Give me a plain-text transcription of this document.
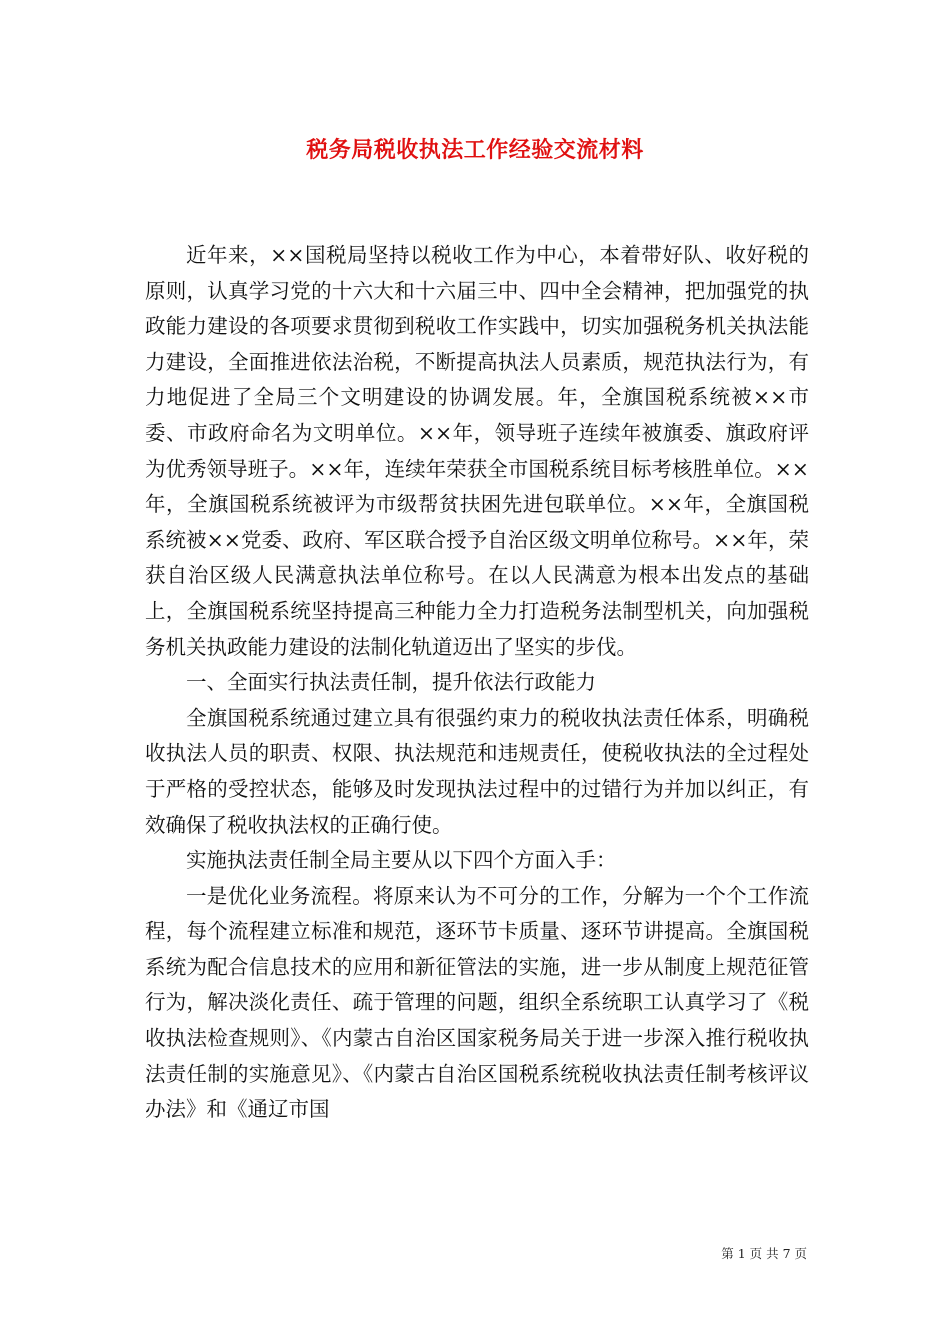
税务局税收执法工作经验交流材料

近年来，××国税局坚持以税收工作为中心，本着带好队、收好税的原则，认真学习党的十六大和十六届三中、四中全会精神，把加强党的执政能力建设的各项要求贯彻到税收工作实践中，切实加强税务机关执法能力建设，全面推进依法治税，不断提高执法人员素质，规范执法行为，有力地促进了全局三个文明建设的协调发展。年，全旗国税系统被××市委、市政府命名为文明单位。××年，领导班子连续年被旗委、旗政府评为优秀领导班子。××年，连续年荣获全市国税系统目标考核胜单位。××年，全旗国税系统被评为市级帮贫扶困先进包联单位。××年，全旗国税系统被××党委、政府、军区联合授予自治区级文明单位称号。××年，荣获自治区级人民满意执法单位称号。在以人民满意为根本出发点的基础上，全旗国税系统坚持提高三种能力全力打造税务法制型机关，向加强税务机关执政能力建设的法制化轨道迈出了坚实的步伐。

一、全面实行执法责任制，提升依法行政能力

全旗国税系统通过建立具有很强约束力的税收执法责任体系，明确税收执法人员的职责、权限、执法规范和违规责任，使税收执法的全过程处于严格的受控状态，能够及时发现执法过程中的过错行为并加以纠正，有效确保了税收执法权的正确行使。

实施执法责任制全局主要从以下四个方面入手：

一是优化业务流程。将原来认为不可分的工作，分解为一个个工作流程，每个流程建立标准和规范，逐环节卡质量、逐环节讲提高。全旗国税系统为配合信息技术的应用和新征管法的实施，进一步从制度上规范征管行为，解决淡化责任、疏于管理的问题，组织全系统职工认真学习了《税收执法检查规则》、《内蒙古自治区国家税务局关于进一步深入推行税收执法责任制的实施意见》、《内蒙古自治区国税系统税收执法责任制考核评议办法》和《通辽市国

第 1 页 共 7 页
